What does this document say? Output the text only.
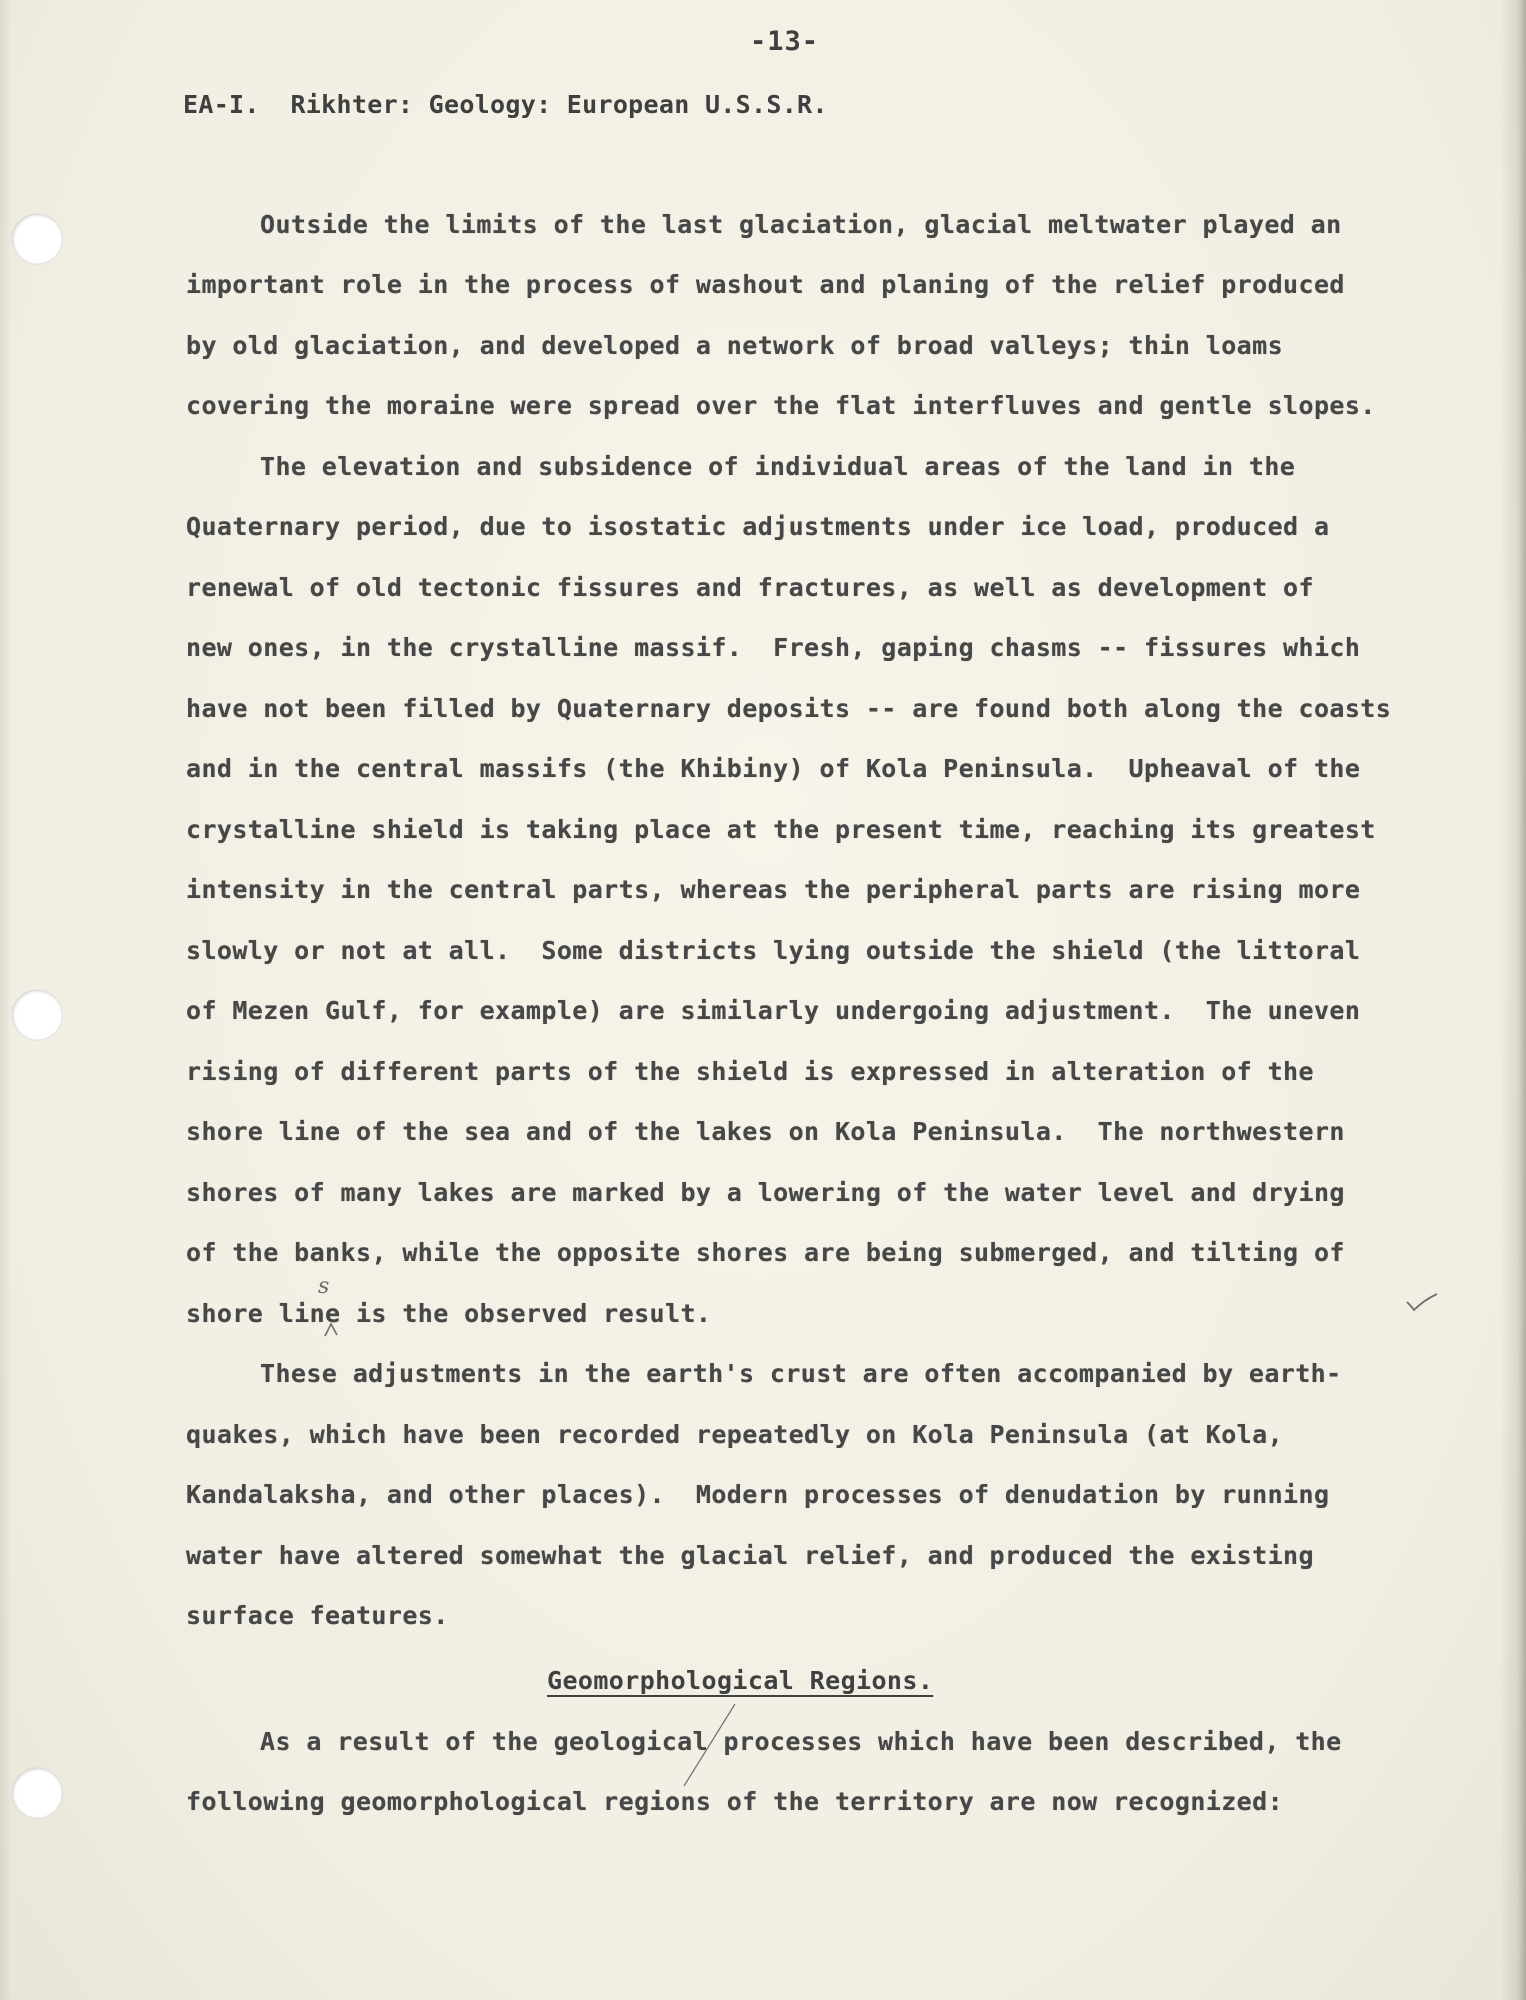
-13-
EA-I.  Rikhter: Geology: European U.S.S.R.
Outside the limits of the last glaciation, glacial meltwater played an
important role in the process of washout and planing of the relief produced
by old glaciation, and developed a network of broad valleys; thin loams
covering the moraine were spread over the flat interfluves and gentle slopes.
The elevation and subsidence of individual areas of the land in the
Quaternary period, due to isostatic adjustments under ice load, produced a
renewal of old tectonic fissures and fractures, as well as development of
new ones, in the crystalline massif.  Fresh, gaping chasms -- fissures which
have not been filled by Quaternary deposits -- are found both along the coasts
and in the central massifs (the Khibiny) of Kola Peninsula.  Upheaval of the
crystalline shield is taking place at the present time, reaching its greatest
intensity in the central parts, whereas the peripheral parts are rising more
slowly or not at all.  Some districts lying outside the shield (the littoral
of Mezen Gulf, for example) are similarly undergoing adjustment.  The uneven
rising of different parts of the shield is expressed in alteration of the
shore line of the sea and of the lakes on Kola Peninsula.  The northwestern
shores of many lakes are marked by a lowering of the water level and drying
of the banks, while the opposite shores are being submerged, and tilting of
shore line is the observed result.
These adjustments in the earth's crust are often accompanied by earth-
quakes, which have been recorded repeatedly on Kola Peninsula (at Kola,
Kandalaksha, and other places).  Modern processes of denudation by running
water have altered somewhat the glacial relief, and produced the existing
surface features.
Geomorphological Regions.
As a result of the geological processes which have been described, the
following geomorphological regions of the territory are now recognized:
s
